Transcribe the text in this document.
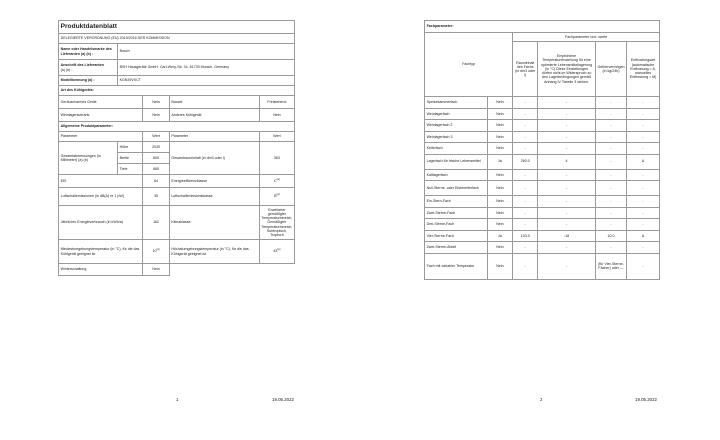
Produktdatenblatt				
DELEGIERTE VERORDNUNG (EU) 2019/2016 DER KOMMISSION				
Name oder Handelsmarke des Lieferanten (a) (b) :	Bosch			
Anschrift des Lieferanten
(a) (b) :	BSH Hausgeräte GmbH, Carl-Wery-Str. 34, 81739 Munich, Germany			
Modellkennung (a) :	KGN39VXCT			
Art des Kühlgeräts:				
Geräuscharmes Gerät:		Nein	Bauart:	Freistehend
Weinlagerschrank:		Nein	Anderes Kühlgerät:	Nein
Allgemeine Produktparameter:				
Parameter		Wert	Parameter	Wert
Gesamtabmessungen (in Millimeter) (a) (b)	Höhe	2030	Gesamtrauminhalt (in dm3 oder l)	363
	Breite	600		
	Tiefe	665		
EEI		64	Energieeffizienzklasse	$C^{(a)}$
Luftschallemissionen (in dB(A) re 1 pW)		35	Luftschallemissionsklasse	$B^{(a)}$
Jährlicher Energieverbrauch (in kWh/a)		162	Klimaklasse:	Erweiterter gemäßigter Temperaturbereich, Gemäßigter Temperaturbereich, Subtropisch, Tropisch
Mindestumgebungstemperatur (in °C), für die das Kühlgerät geeignet ist		10$^{(a)}$	Höchstumgebungstemperatur (in °C), für die das Kühlgerät geeignet ist	43$^{(a)}$
Winterschaltung		Nein		
1	19.05.2022
Fachparameter:					
Fachtyp		Fachparameter und -werte			
		Rauminhalt des Fachs (in dm3 oder l)	Empfohlene Temperatureinstellung für eine optimierte Lebensmittellagerung (in °C) Diese Einstellungen dürfen nicht im Widerspruch zu den Lagerbedingungen gemäß Anhang IV Tabelle 3 stehen.	Gefriervermögen (in kg/24h)	Entfrostungsart (automatische Entfrostung = A, manuelles Entfrostung = M)
Speisekammerfach	Nein	-	-	-	-
Weinlagerfach	Nein	-	-	-	-
Weinlagerfach 2	Nein	-	-	-	-
Weinlagerfach 3	Nein	-	-	-	-
Kellerfach	Nein	-	-	-	-
Lagerfach für frische Lebensmittel	Ja	260.0	4	-	A
Kaltlagerfach	Nein	-	-	-	-
Null-Sterne- oder Eisbereiterfach	Nein	-	-	-	-
Ein-Stern-Fach	Nein	-	-	-	-
Zwei-Sterne-Fach	Nein	-	-	-	-
Drei-Sterne-Fach	Nein	-	-	-	-
Vier-Sterne-Fach	Ja	103.0	-18	10.0	A
Zwei-Sterne-Abteil	Nein	-	-	-	-
Fach mit variabler Temperatur	Nein	-	-	(für Vier-Sterne-Fächer) oder ---	-
2	19.05.2022
